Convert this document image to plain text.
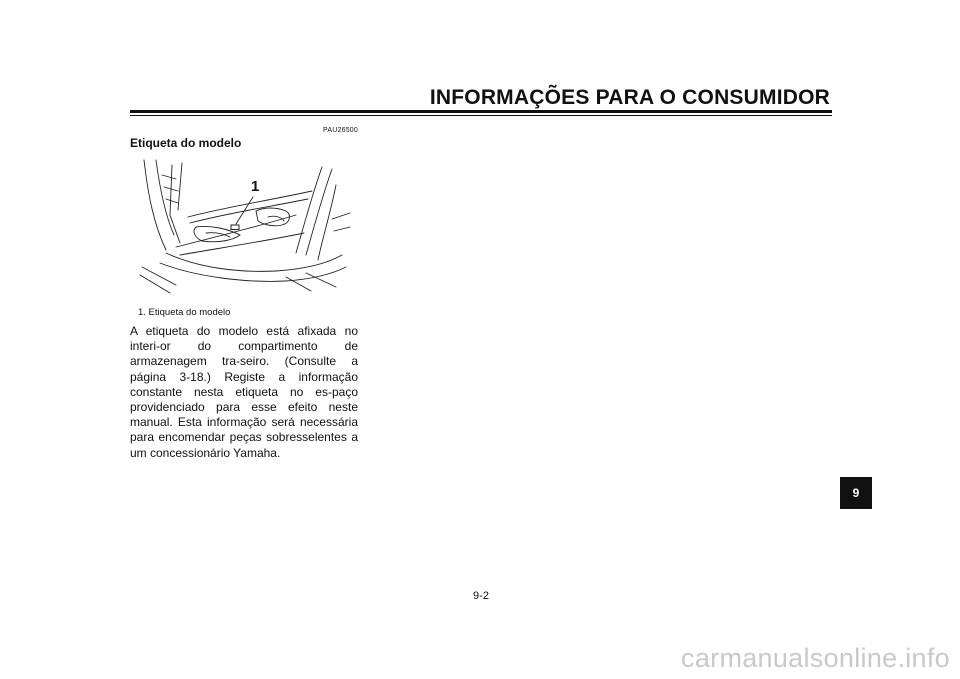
INFORMAÇÕES PARA O CONSUMIDOR
PAU26500
Etiqueta do modelo
1
1. Etiqueta do modelo

A etiqueta do modelo está afixada no interi-or do compartimento de armazenagem tra-seiro. (Consulte a página 3-18.) Registe a informação constante nesta etiqueta no es-paço providenciado para esse efeito neste manual. Esta informação será necessária para encomendar peças sobresselentes a um concessionário Yamaha.

9
9-2
carmanualsonline.info
